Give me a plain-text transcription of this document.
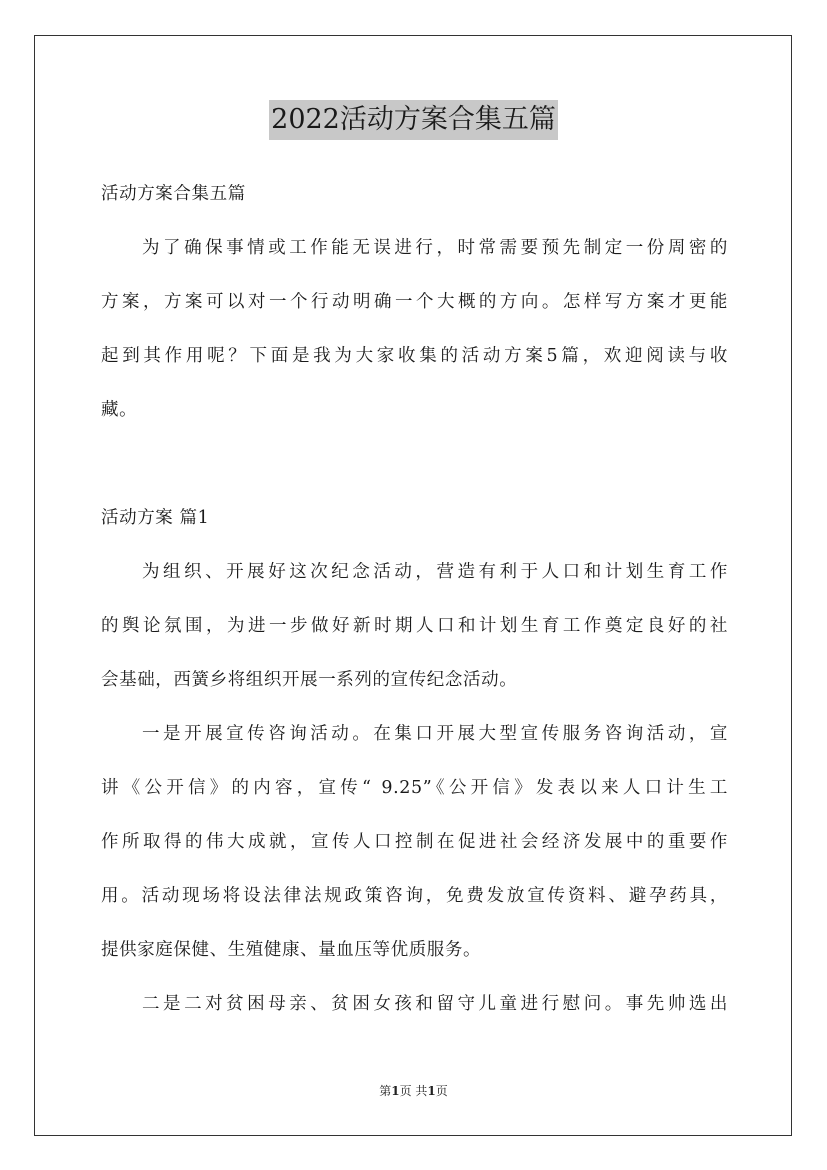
2022活动方案合集五篇
活动方案合集五篇
为了确保事情或工作能无误进行，时常需要预先制定一份周密的
方案，方案可以对一个行动明确一个大概的方向。怎样写方案才更能
起到其作用呢？下面是我为大家收集的活动方案5篇，欢迎阅读与收
藏。
活动方案 篇1
为组织、开展好这次纪念活动，营造有利于人口和计划生育工作
的舆论氛围，为进一步做好新时期人口和计划生育工作奠定良好的社
会基础，西簧乡将组织开展一系列的宣传纪念活动。
一是开展宣传咨询活动。在集口开展大型宣传服务咨询活动，宣
讲《公开信》的内容，宣传“ 9.25”《公开信》发表以来人口计生工
作所取得的伟大成就，宣传人口控制在促进社会经济发展中的重要作
用。活动现场将设法律法规政策咨询，免费发放宣传资料、避孕药具，
提供家庭保健、生殖健康、量血压等优质服务。
二是二对贫困母亲、贫困女孩和留守儿童进行慰问。事先帅选出
第1页 共1页
